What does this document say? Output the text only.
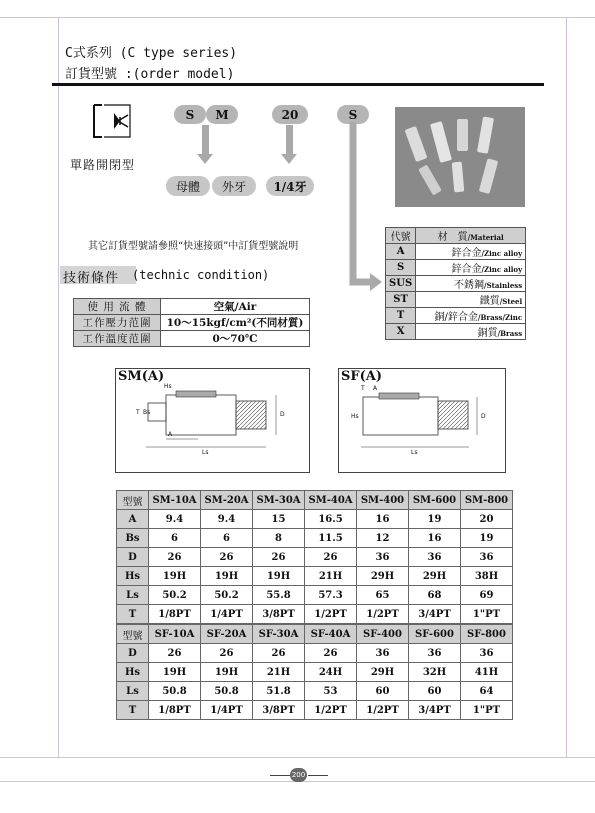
C式系列 (C type series)
訂貨型號 :(order model)
單路開閉型
S	M	20	S
母體	外牙	1/4牙
其它訂貨型號請參照“快速接頭”中訂貨型號說明
代號	材　質/Material
A	鋅合金/Zinc alloy
S	鋅合金/Zinc alloy
SUS	不銹鋼/Stainless
ST	鐵質/Steel
T	銅/鋅合金/Brass/Zinc
X	銅質/Brass
技術條件 (technic condition)
使 用 流 體	空氣/Air
工作壓力范圍	10～15kgf/cm²(不同材質)
工作溫度范圍	0～70℃
SM(A)
Hs
A
T Bs	D
Ls
SF(A)
T A
Hs	D
Ls
型號	SM-10A	SM-20A	SM-30A	SM-40A	SM-400	SM-600	SM-800
A	9.4	9.4	15	16.5	16	19	20
Bs	6	6	8	11.5	12	16	19
D	26	26	26	26	36	36	36
Hs	19H	19H	19H	21H	29H	29H	38H
Ls	50.2	50.2	55.8	57.3	65	68	69
T	1/8PT	1/4PT	3/8PT	1/2PT	1/2PT	3/4PT	1"PT
型號	SF-10A	SF-20A	SF-30A	SF-40A	SF-400	SF-600	SF-800
D	26	26	26	26	36	36	36
Hs	19H	19H	21H	24H	29H	32H	41H
Ls	50.8	50.8	51.8	53	60	60	64
T	1/8PT	1/4PT	3/8PT	1/2PT	1/2PT	3/4PT	1"PT
200
